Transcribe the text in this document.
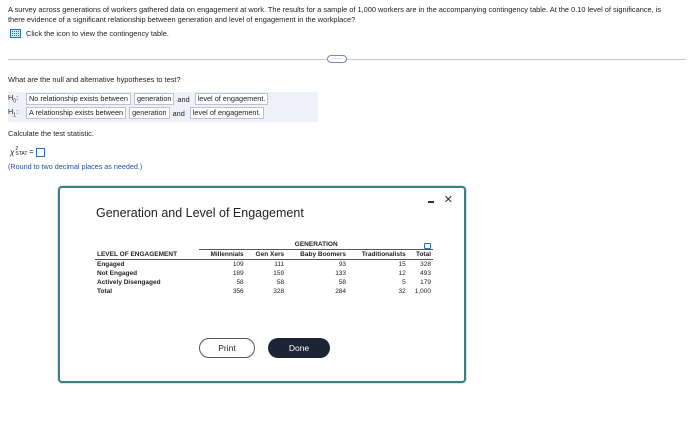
A survey across generations of workers gathered data on engagement at work. The results for a sample of 1,000 workers are in the accompanying contingency table. At the 0.10 level of significance, is there evidence of a significant relationship between generation and level of engagement in the workplace?
Click the icon to view the contingency table.
·····
What are the null and alternative hypotheses to test?
$H_0$:	No relationship exists between	generation and	level of engagement.
$H_1$:	A relationship exists between	generation and	level of engagement.
Calculate the test statistic.
χ 2
STAT =
(Round to two decimal places as needed.)
✕
Generation and Level of Engagement
	GENERATION				
LEVEL OF ENGAGEMENT	Millennials	Gen Xers	Baby Boomers	Traditionalists	Total
Engaged	109	111	93	15	328
Not Engaged	189	159	133	12	493
Actively Disengaged	58	58	58	5	179
Total	356	328	284	32	1,000
Print	Done
